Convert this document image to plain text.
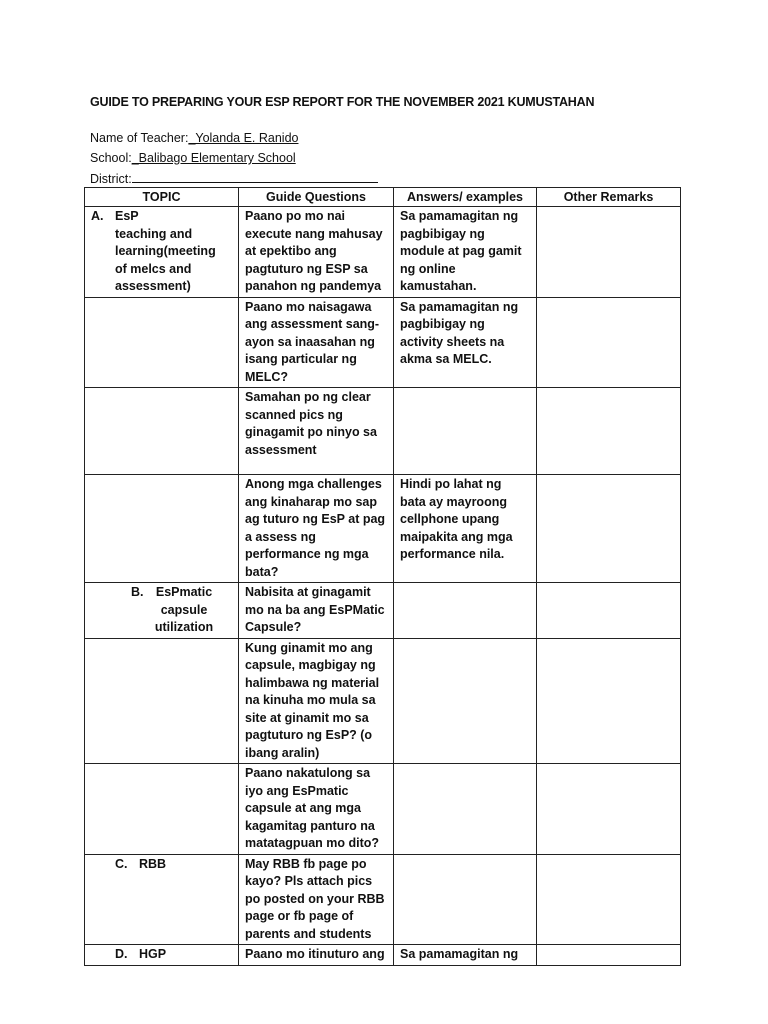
GUIDE TO PREPARING YOUR ESP REPORT FOR THE NOVEMBER 2021 KUMUSTAHAN
Name of Teacher:_Yolanda E. Ranido
School:_Balibago Elementary School
District:
TOPIC	Guide Questions	Answers/ examples	Other Remarks

A. EsP teaching and learning(meeting of melcs and assessment)	Paano po mo nai execute nang mahusay at epektibo ang pagtuturo ng ESP sa panahon ng pandemya	Sa pamamagitan ng pagbibigay ng module at pag gamit ng online kamustahan.	
	Paano mo naisagawa ang assessment sang-ayon sa inaasahan ng isang particular ng MELC?	Sa pamamagitan ng pagbibigay ng activity sheets na akma sa MELC.	
	Samahan po ng clear scanned pics ng ginagamit po ninyo sa assessment		
	Anong mga challenges ang kinaharap mo sap ag tuturo ng EsP at pag a assess ng performance ng mga bata?	Hindi po lahat ng bata ay mayroong cellphone upang maipakita ang mga performance nila.	

B. EsPmatic capsule utilization	Nabisita at ginagamit mo na ba ang EsPMatic Capsule?		
	Kung ginamit mo ang capsule, magbigay ng halimbawa ng material na kinuha mo mula sa site at ginamit mo sa pagtuturo ng EsP? (o ibang aralin)		
	Paano nakatulong sa iyo ang EsPmatic capsule at ang mga kagamitag panturo na matatagpuan mo dito?		

C. RBB	May RBB fb page po kayo? Pls attach pics po posted on your RBB page or fb page of parents and students		

D. HGP	Paano mo itinuturo ang	Sa pamamagitan ng	
